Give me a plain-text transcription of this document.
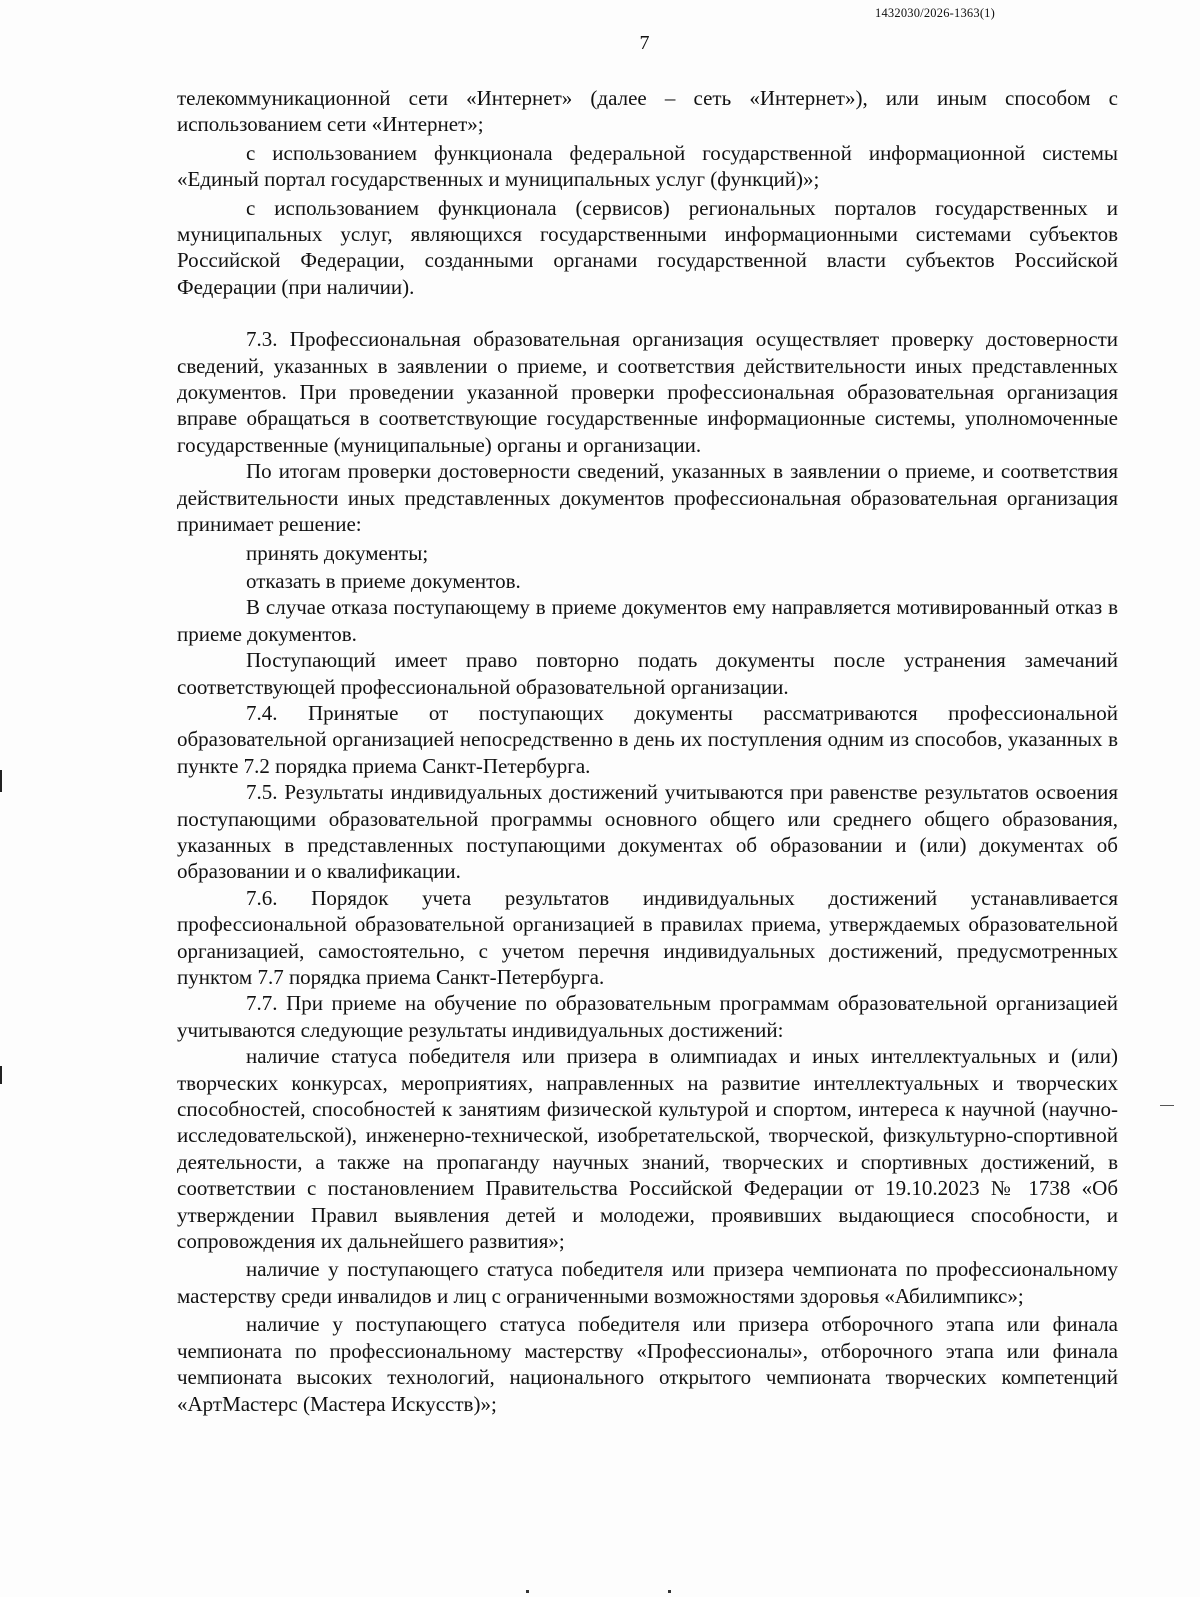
1432030/2026-1363(1)
7

телекоммуникационной сети «Интернет» (далее – сеть «Интернет»), или иным способом с использованием сети «Интернет»;

с использованием функционала федеральной государственной информационной системы «Единый портал государственных и муниципальных услуг (функций)»;

с использованием функционала (сервисов) региональных порталов государственных и муниципальных услуг, являющихся государственными информационными системами субъектов Российской Федерации, созданными органами государственной власти субъектов Российской Федерации (при наличии).

7.3. Профессиональная образовательная организация осуществляет проверку достоверности сведений, указанных в заявлении о приеме, и соответствия действительности иных представленных документов. При проведении указанной проверки профессиональная образовательная организация вправе обращаться в соответствующие государственные информационные системы, уполномоченные государственные (муниципальные) органы и организации.

По итогам проверки достоверности сведений, указанных в заявлении о приеме, и соответствия действительности иных представленных документов профессиональная образовательная организация принимает решение:

принять документы;

отказать в приеме документов.

В случае отказа поступающему в приеме документов ему направляется мотивированный отказ в приеме документов.

Поступающий имеет право повторно подать документы после устранения замечаний соответствующей профессиональной образовательной организации.

7.4. Принятые от поступающих документы рассматриваются профессиональной образовательной организацией непосредственно в день их поступления одним из способов, указанных в пункте 7.2 порядка приема Санкт-Петербурга.

7.5. Результаты индивидуальных достижений учитываются при равенстве результатов освоения поступающими образовательной программы основного общего или среднего общего образования, указанных в представленных поступающими документах об образовании и (или) документах об образовании и о квалификации.

7.6. Порядок учета результатов индивидуальных достижений устанавливается профессиональной образовательной организацией в правилах приема, утверждаемых образовательной организацией, самостоятельно, с учетом перечня индивидуальных достижений, предусмотренных пунктом 7.7 порядка приема Санкт-Петербурга.

7.7. При приеме на обучение по образовательным программам образовательной организацией учитываются следующие результаты индивидуальных достижений:

наличие статуса победителя или призера в олимпиадах и иных интеллектуальных и (или) творческих конкурсах, мероприятиях, направленных на развитие интеллектуальных и творческих способностей, способностей к занятиям физической культурой и спортом, интереса к научной (научно-исследовательской), инженерно-технической, изобретательской, творческой, физкультурно-спортивной деятельности, а также на пропаганду научных знаний, творческих и спортивных достижений, в соответствии с постановлением Правительства Российской Федерации от 19.10.2023 № 1738 «Об утверждении Правил выявления детей и молодежи, проявивших выдающиеся способности, и сопровождения их дальнейшего развития»;

наличие у поступающего статуса победителя или призера чемпионата по профессиональному мастерству среди инвалидов и лиц с ограниченными возможностями здоровья «Абилимпикс»;

наличие у поступающего статуса победителя или призера отборочного этапа или финала чемпионата по профессиональному мастерству «Профессионалы», отборочного этапа или финала чемпионата высоких технологий, национального открытого чемпионата творческих компетенций «АртМастерс (Мастера Искусств)»;
